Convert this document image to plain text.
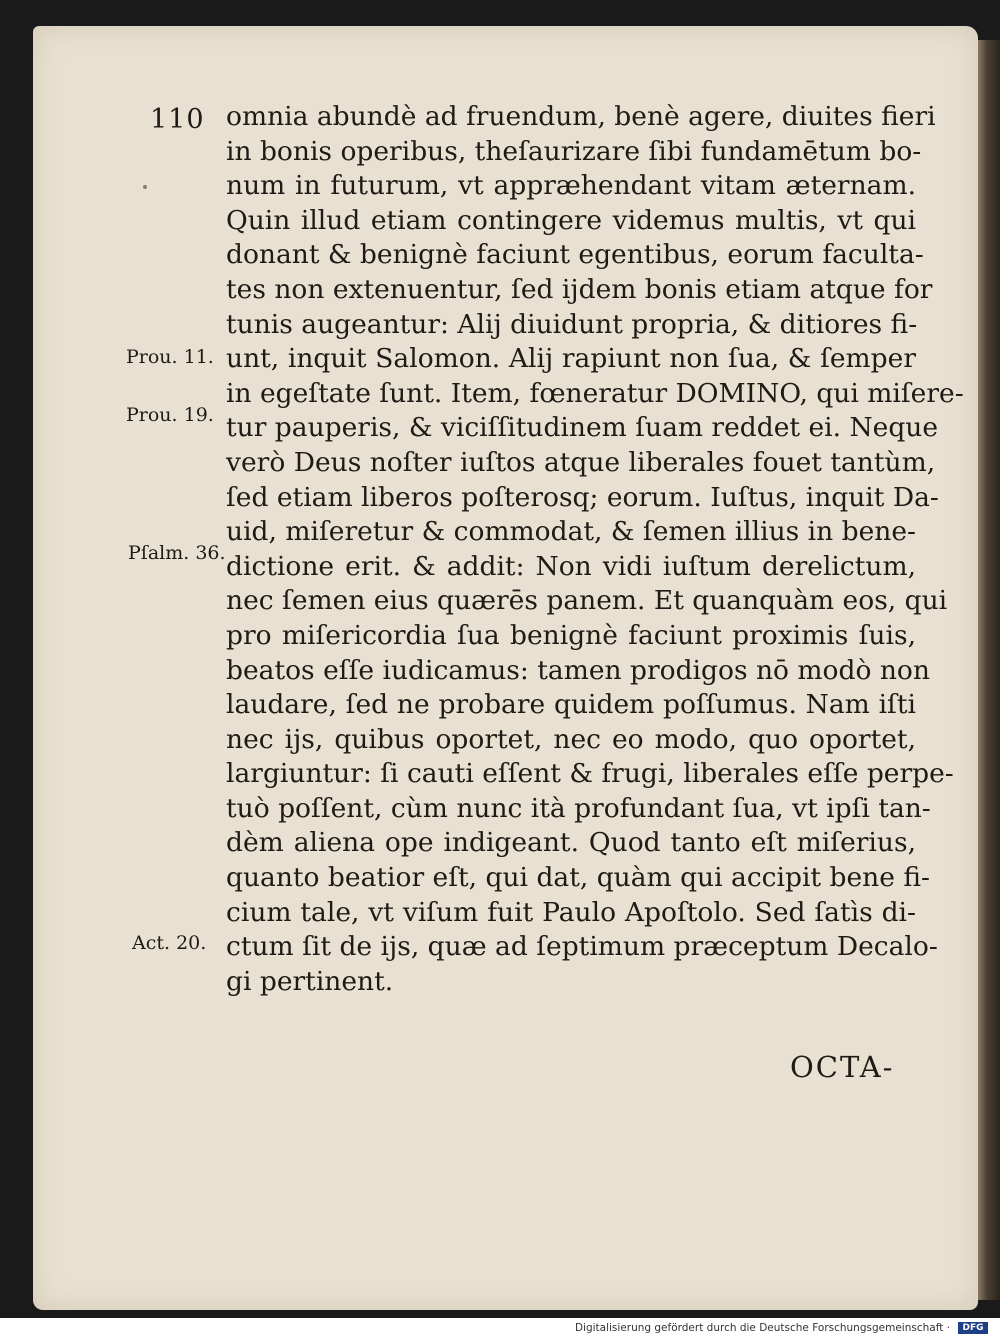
110 omnia abundè ad fruendum, benè agere, diuites fieri
in bonis operibus, theſaurizare ſibi fundamētum bo-
num in futurum, vt appræhendant vitam æternam.
Quin illud etiam contingere videmus multis, vt qui
donant & benignè faciunt egentibus, eorum faculta-
tes non extenuentur, ſed ijdem bonis etiam atque for
tunis augeantur: Alij diuidunt propria, & ditiores fi-
unt, inquit Salomon. Alij rapiunt non ſua, & ſemper
in egeſtate ſunt. Item, fœneratur DOMINO, qui miſere-
tur pauperis, & viciſſitudinem ſuam reddet ei. Neque
verò Deus noſter iuſtos atque liberales fouet tantùm,
ſed etiam liberos poſterosq; eorum. Iuſtus, inquit Da-
uid, miſeretur & commodat, & ſemen illius in bene-
dictione erit. & addit: Non vidi iuſtum derelictum,
nec ſemen eius quærēs panem. Et quanquàm eos, qui
pro miſericordia ſua benignè faciunt proximis ſuis,
beatos eſſe iudicamus: tamen prodigos nō modò non
laudare, ſed ne probare quidem poſſumus. Nam iſti
nec ijs, quibus oportet, nec eo modo, quo oportet,
largiuntur: ſi cauti eſſent & frugi, liberales eſſe perpe-
tuò poſſent, cùm nunc ità profundant ſua, vt ipſi tan-
dèm aliena ope indigeant. Quod tanto eſt miſerius,
quanto beatior eſt, qui dat, quàm qui accipit bene fi-
cium tale, vt viſum fuit Paulo Apoſtolo. Sed ſatìs di-
ctum ſit de ijs, quæ ad ſeptimum præceptum Decalo-
gi pertinent.
Prou. 11.
Prou. 19.
Pſalm. 36.
Act. 20.
OCTA-
Digitalisierung gefördert durch die Deutsche Forschungsgemeinschaft ·	DFG
